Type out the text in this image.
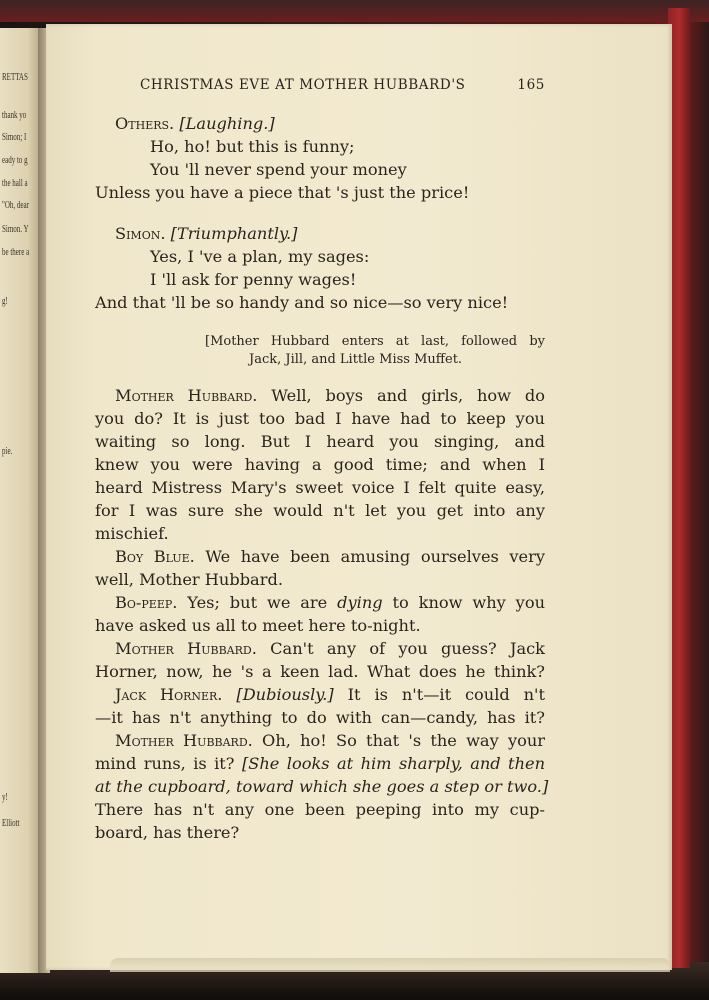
RETTAS
thank yo
Simon; I
eady to g
the hall a
"Oh, dear
Simon. Y
be there a
g!
pie.
y!
Elliott
CHRISTMAS EVE AT MOTHER HUBBARD'S	165
Others. [Laughing.]
Ho, ho! but this is funny;
You 'll never spend your money
Unless you have a piece that 's just the price!
Simon. [Triumphantly.]
Yes, I 've a plan, my sages:
I 'll ask for penny wages!
And that 'll be so handy and so nice—so very nice!
[Mother Hubbard enters at last, followed by
Jack, Jill, and Little Miss Muffet.
Mother Hubbard. Well, boys and girls, how do
you do? It is just too bad I have had to keep you
waiting so long. But I heard you singing, and
knew you were having a good time; and when I
heard Mistress Mary's sweet voice I felt quite easy,
for I was sure she would n't let you get into any
mischief.
Boy Blue. We have been amusing ourselves very
well, Mother Hubbard.
Bo-peep. Yes; but we are dying to know why you
have asked us all to meet here to-night.
Mother Hubbard. Can't any of you guess? Jack
Horner, now, he 's a keen lad. What does he think?
Jack Horner. [Dubiously.] It is n't—it could n't
—it has n't anything to do with can—candy, has it?
Mother Hubbard. Oh, ho! So that 's the way your
mind runs, is it? [She looks at him sharply, and then
at the cupboard, toward which she goes a step or two.]
There has n't any one been peeping into my cup-
board, has there?
